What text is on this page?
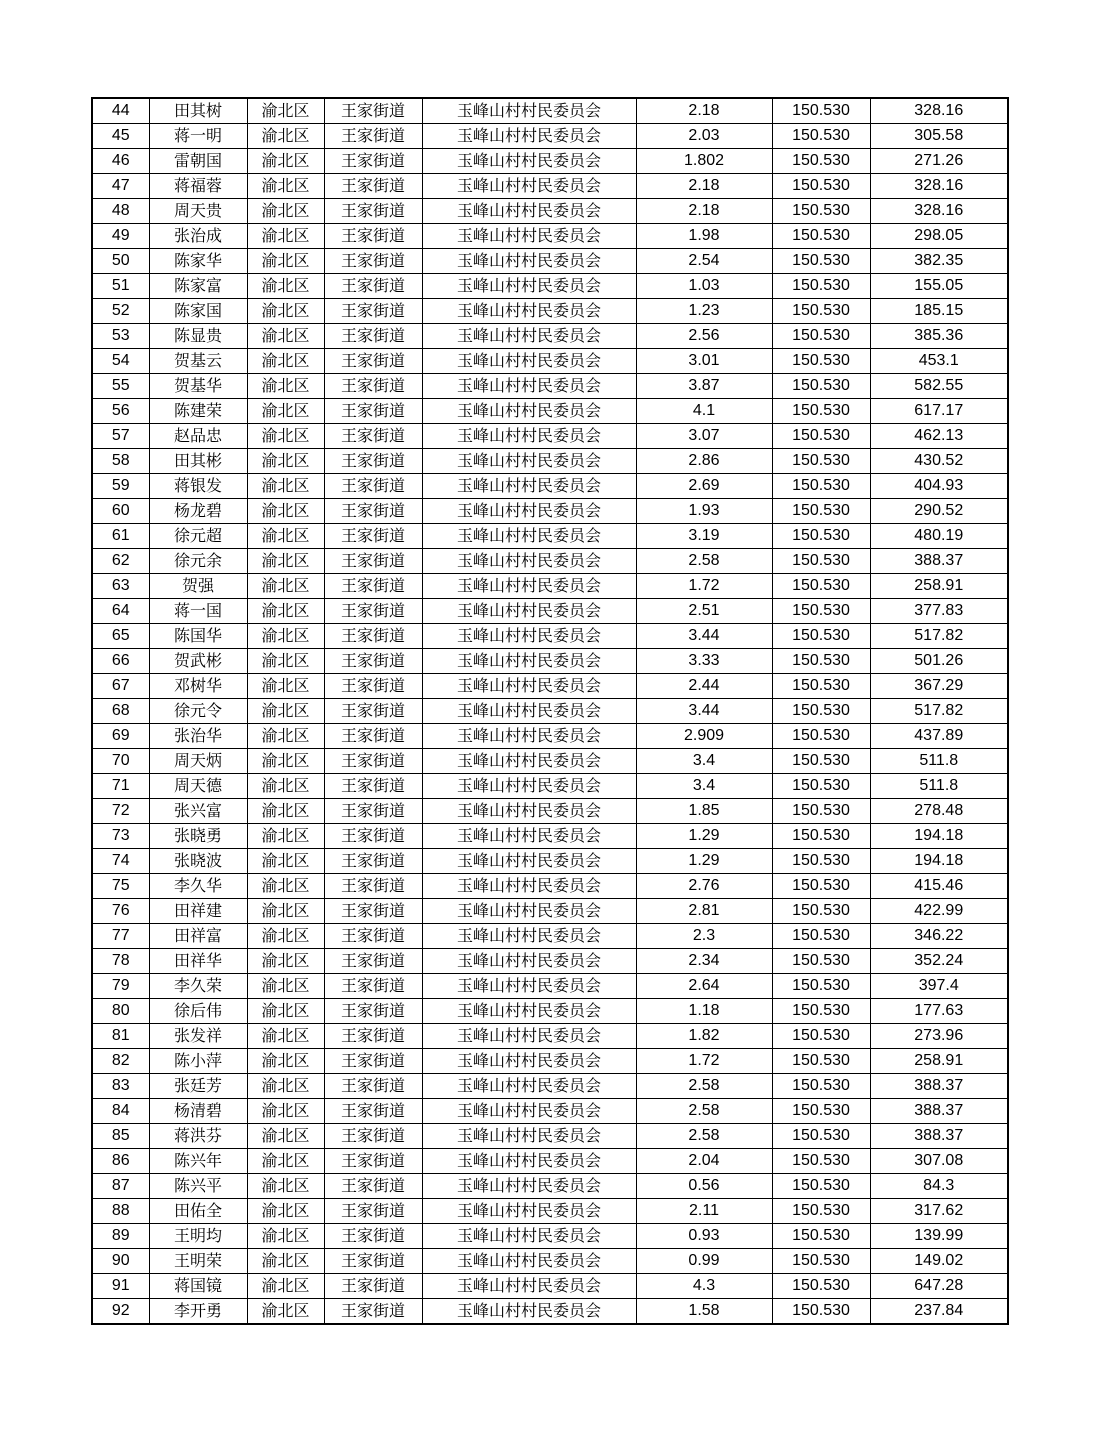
44	田其树	渝北区	王家街道	玉峰山村村民委员会	2.18	150.530	328.16
45	蒋一明	渝北区	王家街道	玉峰山村村民委员会	2.03	150.530	305.58
46	雷朝国	渝北区	王家街道	玉峰山村村民委员会	1.802	150.530	271.26
47	蒋福蓉	渝北区	王家街道	玉峰山村村民委员会	2.18	150.530	328.16
48	周天贵	渝北区	王家街道	玉峰山村村民委员会	2.18	150.530	328.16
49	张治成	渝北区	王家街道	玉峰山村村民委员会	1.98	150.530	298.05
50	陈家华	渝北区	王家街道	玉峰山村村民委员会	2.54	150.530	382.35
51	陈家富	渝北区	王家街道	玉峰山村村民委员会	1.03	150.530	155.05
52	陈家国	渝北区	王家街道	玉峰山村村民委员会	1.23	150.530	185.15
53	陈显贵	渝北区	王家街道	玉峰山村村民委员会	2.56	150.530	385.36
54	贺基云	渝北区	王家街道	玉峰山村村民委员会	3.01	150.530	453.1
55	贺基华	渝北区	王家街道	玉峰山村村民委员会	3.87	150.530	582.55
56	陈建荣	渝北区	王家街道	玉峰山村村民委员会	4.1	150.530	617.17
57	赵品忠	渝北区	王家街道	玉峰山村村民委员会	3.07	150.530	462.13
58	田其彬	渝北区	王家街道	玉峰山村村民委员会	2.86	150.530	430.52
59	蒋银发	渝北区	王家街道	玉峰山村村民委员会	2.69	150.530	404.93
60	杨龙碧	渝北区	王家街道	玉峰山村村民委员会	1.93	150.530	290.52
61	徐元超	渝北区	王家街道	玉峰山村村民委员会	3.19	150.530	480.19
62	徐元余	渝北区	王家街道	玉峰山村村民委员会	2.58	150.530	388.37
63	贺强	渝北区	王家街道	玉峰山村村民委员会	1.72	150.530	258.91
64	蒋一国	渝北区	王家街道	玉峰山村村民委员会	2.51	150.530	377.83
65	陈国华	渝北区	王家街道	玉峰山村村民委员会	3.44	150.530	517.82
66	贺武彬	渝北区	王家街道	玉峰山村村民委员会	3.33	150.530	501.26
67	邓树华	渝北区	王家街道	玉峰山村村民委员会	2.44	150.530	367.29
68	徐元令	渝北区	王家街道	玉峰山村村民委员会	3.44	150.530	517.82
69	张治华	渝北区	王家街道	玉峰山村村民委员会	2.909	150.530	437.89
70	周天炳	渝北区	王家街道	玉峰山村村民委员会	3.4	150.530	511.8
71	周天德	渝北区	王家街道	玉峰山村村民委员会	3.4	150.530	511.8
72	张兴富	渝北区	王家街道	玉峰山村村民委员会	1.85	150.530	278.48
73	张晓勇	渝北区	王家街道	玉峰山村村民委员会	1.29	150.530	194.18
74	张晓波	渝北区	王家街道	玉峰山村村民委员会	1.29	150.530	194.18
75	李久华	渝北区	王家街道	玉峰山村村民委员会	2.76	150.530	415.46
76	田祥建	渝北区	王家街道	玉峰山村村民委员会	2.81	150.530	422.99
77	田祥富	渝北区	王家街道	玉峰山村村民委员会	2.3	150.530	346.22
78	田祥华	渝北区	王家街道	玉峰山村村民委员会	2.34	150.530	352.24
79	李久荣	渝北区	王家街道	玉峰山村村民委员会	2.64	150.530	397.4
80	徐后伟	渝北区	王家街道	玉峰山村村民委员会	1.18	150.530	177.63
81	张发祥	渝北区	王家街道	玉峰山村村民委员会	1.82	150.530	273.96
82	陈小萍	渝北区	王家街道	玉峰山村村民委员会	1.72	150.530	258.91
83	张廷芳	渝北区	王家街道	玉峰山村村民委员会	2.58	150.530	388.37
84	杨清碧	渝北区	王家街道	玉峰山村村民委员会	2.58	150.530	388.37
85	蒋洪芬	渝北区	王家街道	玉峰山村村民委员会	2.58	150.530	388.37
86	陈兴年	渝北区	王家街道	玉峰山村村民委员会	2.04	150.530	307.08
87	陈兴平	渝北区	王家街道	玉峰山村村民委员会	0.56	150.530	84.3
88	田佑全	渝北区	王家街道	玉峰山村村民委员会	2.11	150.530	317.62
89	王明均	渝北区	王家街道	玉峰山村村民委员会	0.93	150.530	139.99
90	王明荣	渝北区	王家街道	玉峰山村村民委员会	0.99	150.530	149.02
91	蒋国镜	渝北区	王家街道	玉峰山村村民委员会	4.3	150.530	647.28
92	李开勇	渝北区	王家街道	玉峰山村村民委员会	1.58	150.530	237.84
